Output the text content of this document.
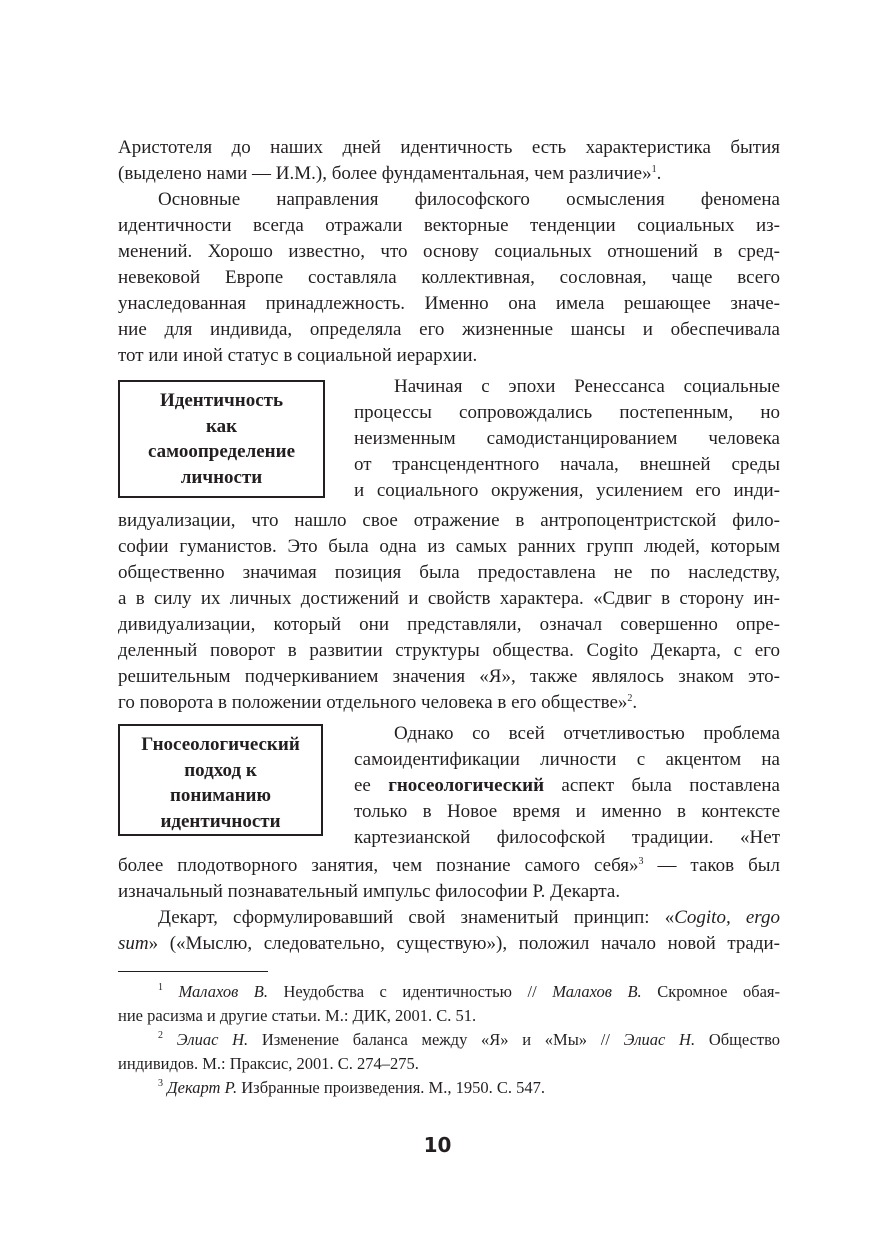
Аристотеля до наших дней идентичность есть характеристика бытия
(выделено нами — И.М.), более фундаментальная, чем различие»$^1$.
Основные направления философского осмысления феномена
идентичности всегда отражали векторные тенденции социальных из-
менений. Хорошо известно, что основу социальных отношений в сред-
невековой Европе составляла коллективная, сословная, чаще всего
унаследованная принадлежность. Именно она имела решающее значе-
ние для индивида, определяла его жизненные шансы и обеспечивала
тот или иной статус в социальной иерархии.
Идентичность
как
самоопределение
личности
Начиная с эпохи Ренессанса социальные
процессы сопровождались постепенным, но
неизменным самодистанцированием человека
от трансцендентного начала, внешней среды
и социального окружения, усилением его инди-
видуализации, что нашло свое отражение в антропоцентристской фило-
софии гуманистов. Это была одна из самых ранних групп людей, которым
общественно значимая позиция была предоставлена не по наследству,
а в силу их личных достижений и свойств характера. «Сдвиг в сторону ин-
дивидуализации, который они представляли, означал совершенно опре-
деленный поворот в развитии структуры общества. Cogito Декарта, с его
решительным подчеркиванием значения «Я», также являлось знаком это-
го поворота в положении отдельного человека в его обществе»$^2$.
Гносеологический
подход к
пониманию
идентичности
Однако со всей отчетливостью проблема
самоидентификации личности с акцентом на
ее гносеологический аспект была поставлена
только в Новое время и именно в контексте
картезианской философской традиции. «Нет
более плодотворного занятия, чем познание самого себя»$^3$ — таков был
изначальный познавательный импульс философии Р. Декарта.
Декарт, сформулировавший свой знаменитый принцип: «Cogito, ergo
sum» («Мыслю, следовательно, существую»), положил начало новой тради-
$^1$ Малахов В. Неудобства с идентичностью // Малахов В. Скромное обая-
ние расизма и другие статьи. М.: ДИК, 2001. С. 51.
$^2$ Элиас Н. Изменение баланса между «Я» и «Мы» // Элиас Н. Общество
индивидов. М.: Праксис, 2001. С. 274–275.
$^3$ Декарт Р. Избранные произведения. М., 1950. С. 547.
10
